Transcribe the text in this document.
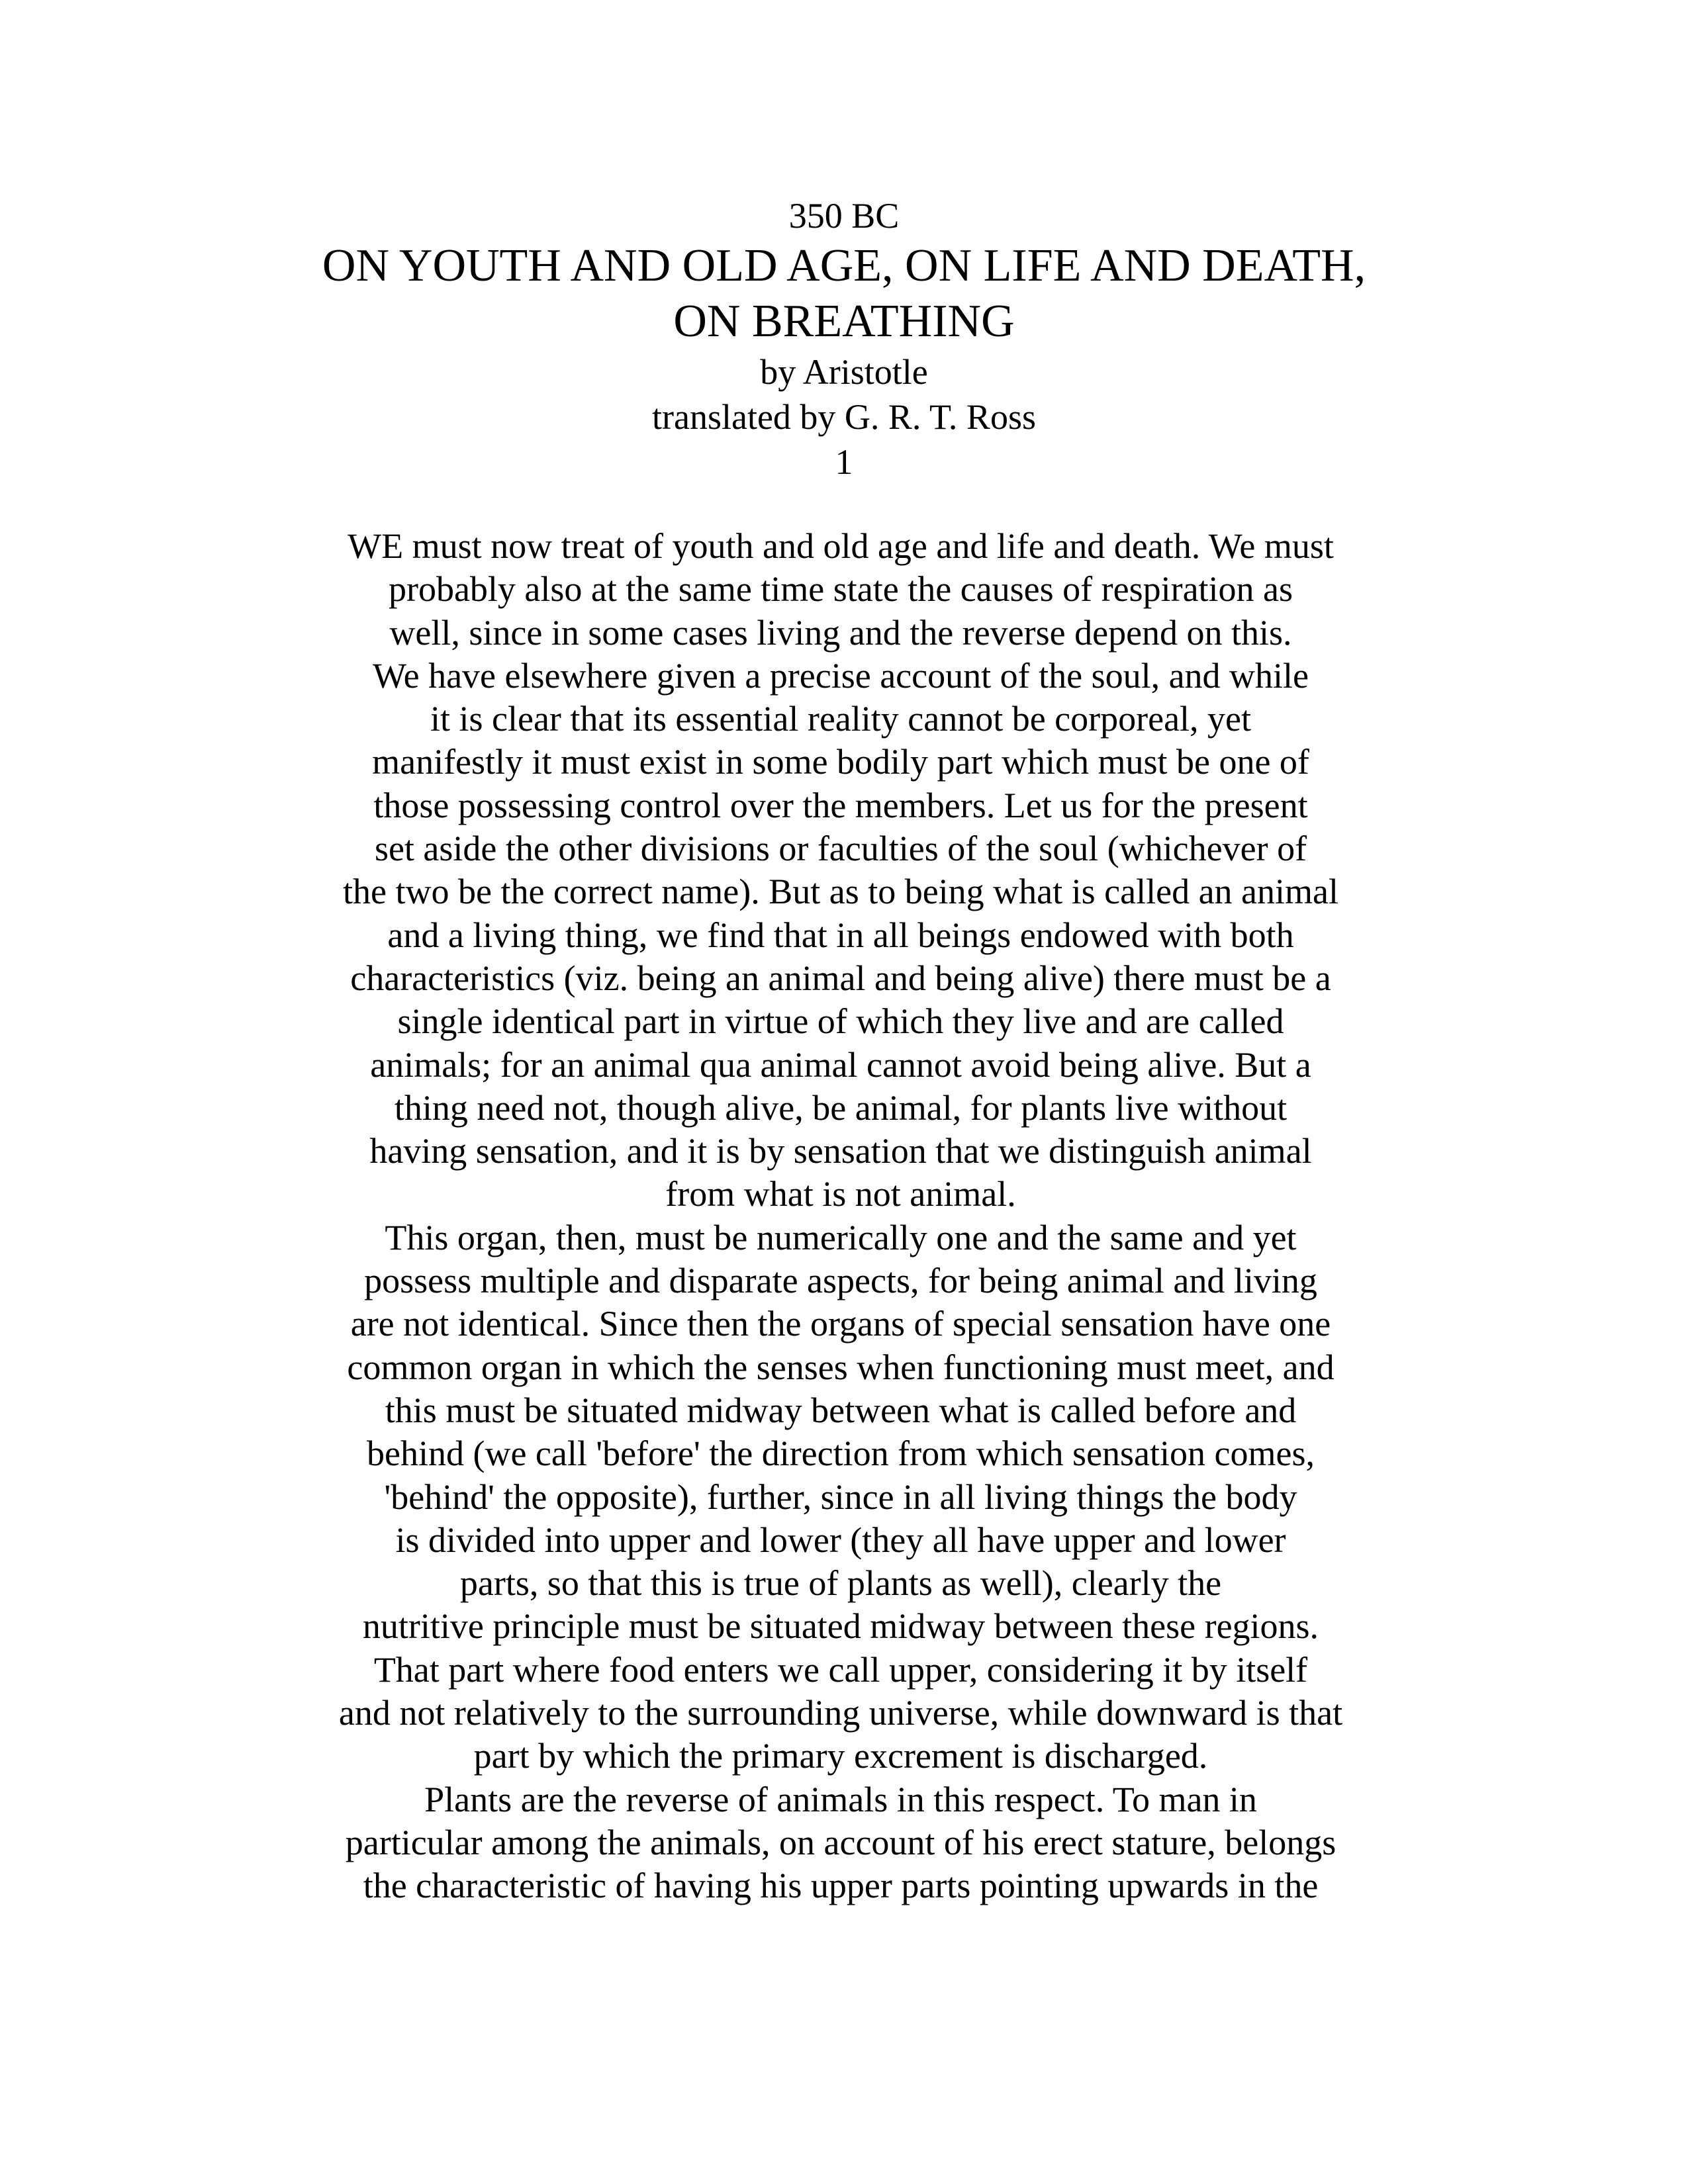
350 BC
ON YOUTH AND OLD AGE, ON LIFE AND DEATH,
ON BREATHING
by Aristotle
translated by G. R. T. Ross
1
WE must now treat of youth and old age and life and death. We must
probably also at the same time state the causes of respiration as
well, since in some cases living and the reverse depend on this.
We have elsewhere given a precise account of the soul, and while
it is clear that its essential reality cannot be corporeal, yet
manifestly it must exist in some bodily part which must be one of
those possessing control over the members. Let us for the present
set aside the other divisions or faculties of the soul (whichever of
the two be the correct name). But as to being what is called an animal
and a living thing, we find that in all beings endowed with both
characteristics (viz. being an animal and being alive) there must be a
single identical part in virtue of which they live and are called
animals; for an animal qua animal cannot avoid being alive. But a
thing need not, though alive, be animal, for plants live without
having sensation, and it is by sensation that we distinguish animal
from what is not animal.
This organ, then, must be numerically one and the same and yet
possess multiple and disparate aspects, for being animal and living
are not identical. Since then the organs of special sensation have one
common organ in which the senses when functioning must meet, and
this must be situated midway between what is called before and
behind (we call 'before' the direction from which sensation comes,
'behind' the opposite), further, since in all living things the body
is divided into upper and lower (they all have upper and lower
parts, so that this is true of plants as well), clearly the
nutritive principle must be situated midway between these regions.
That part where food enters we call upper, considering it by itself
and not relatively to the surrounding universe, while downward is that
part by which the primary excrement is discharged.
Plants are the reverse of animals in this respect. To man in
particular among the animals, on account of his erect stature, belongs
the characteristic of having his upper parts pointing upwards in the
